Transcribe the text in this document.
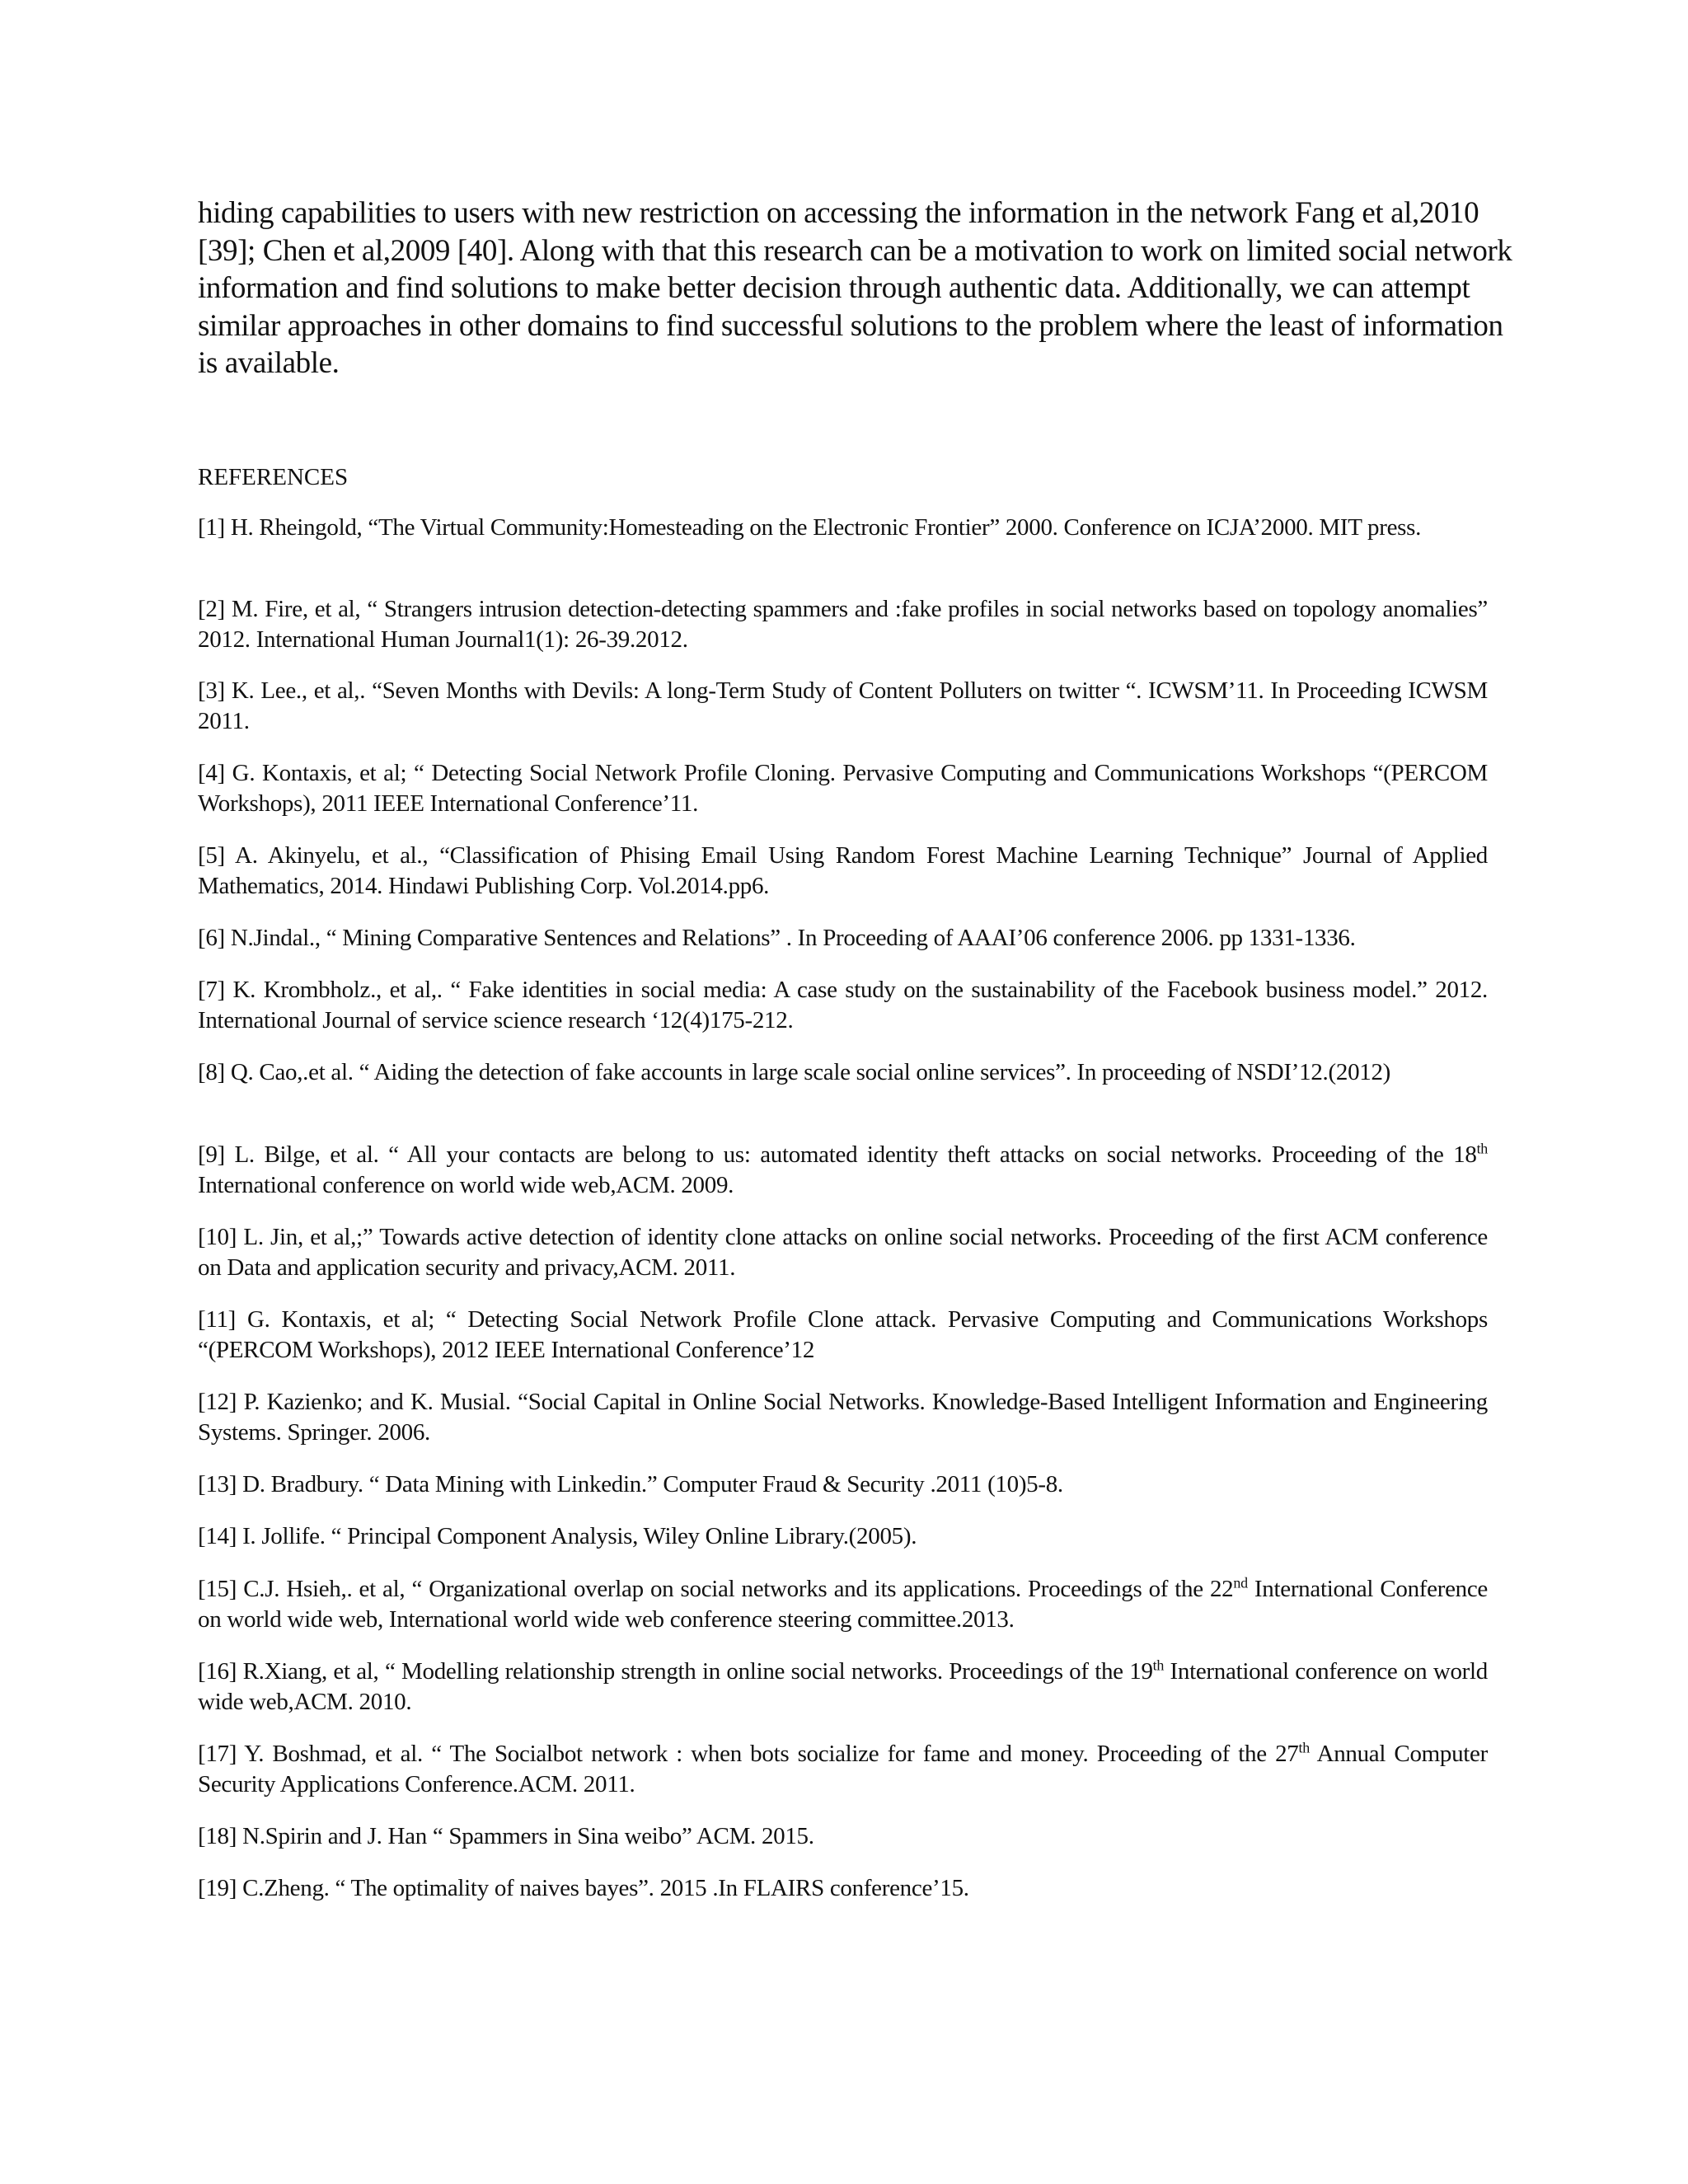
hiding capabilities to users with new restriction on accessing the information in the network Fang et al,2010 [39]; Chen et al,2009 [40]. Along with that this research can be a motivation to work on limited social network information and find solutions to make better decision through authentic data. Additionally, we can attempt similar approaches in other domains to find successful solutions to the problem where the least of information is available.

REFERENCES

[1] H. Rheingold, “The Virtual Community:Homesteading on the Electronic Frontier” 2000. Conference on ICJA’2000. MIT press.

[2] M. Fire, et al, “ Strangers intrusion detection-detecting spammers and :fake profiles in social networks based on topology anomalies” 2012. International Human Journal1(1): 26-39.2012.

[3] K. Lee., et al,. “Seven Months with Devils: A long-Term Study of Content Polluters on twitter “. ICWSM’11. In Proceeding ICWSM 2011.

[4] G. Kontaxis, et al; “ Detecting Social Network Profile Cloning. Pervasive Computing and Communications Workshops “(PERCOM Workshops), 2011 IEEE International Conference’11.

[5] A. Akinyelu, et al., “Classification of Phising Email Using Random Forest Machine Learning Technique” Journal of Applied Mathematics, 2014. Hindawi Publishing Corp. Vol.2014.pp6.

[6] N.Jindal., “ Mining Comparative Sentences and Relations” . In Proceeding of AAAI’06 conference 2006. pp 1331-1336.

[7] K. Krombholz., et al,. “ Fake identities in social media: A case study on the sustainability of the Facebook business model.” 2012. International Journal of service science research ‘12(4)175-212.

[8] Q. Cao,.et al. “ Aiding the detection of fake accounts in large scale social online services”. In proceeding of NSDI’12.(2012)

[9] L. Bilge, et al. “ All your contacts are belong to us: automated identity theft attacks on social networks. Proceeding of the 18th International conference on world wide web,ACM. 2009.

[10] L. Jin, et al,;” Towards active detection of identity clone attacks on online social networks. Proceeding of the first ACM conference on Data and application security and privacy,ACM. 2011.

[11] G. Kontaxis, et al; “ Detecting Social Network Profile Clone attack. Pervasive Computing and Communications Workshops “(PERCOM Workshops), 2012 IEEE International Conference’12

[12] P. Kazienko; and K. Musial. “Social Capital in Online Social Networks. Knowledge-Based Intelligent Information and Engineering Systems. Springer. 2006.

[13] D. Bradbury. “ Data Mining with Linkedin.” Computer Fraud & Security .2011 (10)5-8.

[14] I. Jollife. “ Principal Component Analysis, Wiley Online Library.(2005).

[15] C.J. Hsieh,. et al, “ Organizational overlap on social networks and its applications. Proceedings of the 22nd International Conference on world wide web, International world wide web conference steering committee.2013.

[16] R.Xiang, et al, “ Modelling relationship strength in online social networks. Proceedings of the 19th International conference on world wide web,ACM. 2010.

[17] Y. Boshmad, et al. “ The Socialbot network : when bots socialize for fame and money. Proceeding of the 27th Annual Computer Security Applications Conference.ACM. 2011.

[18] N.Spirin and J. Han “ Spammers in Sina weibo” ACM. 2015.

[19] C.Zheng. “ The optimality of naives bayes”. 2015 .In FLAIRS conference’15.
